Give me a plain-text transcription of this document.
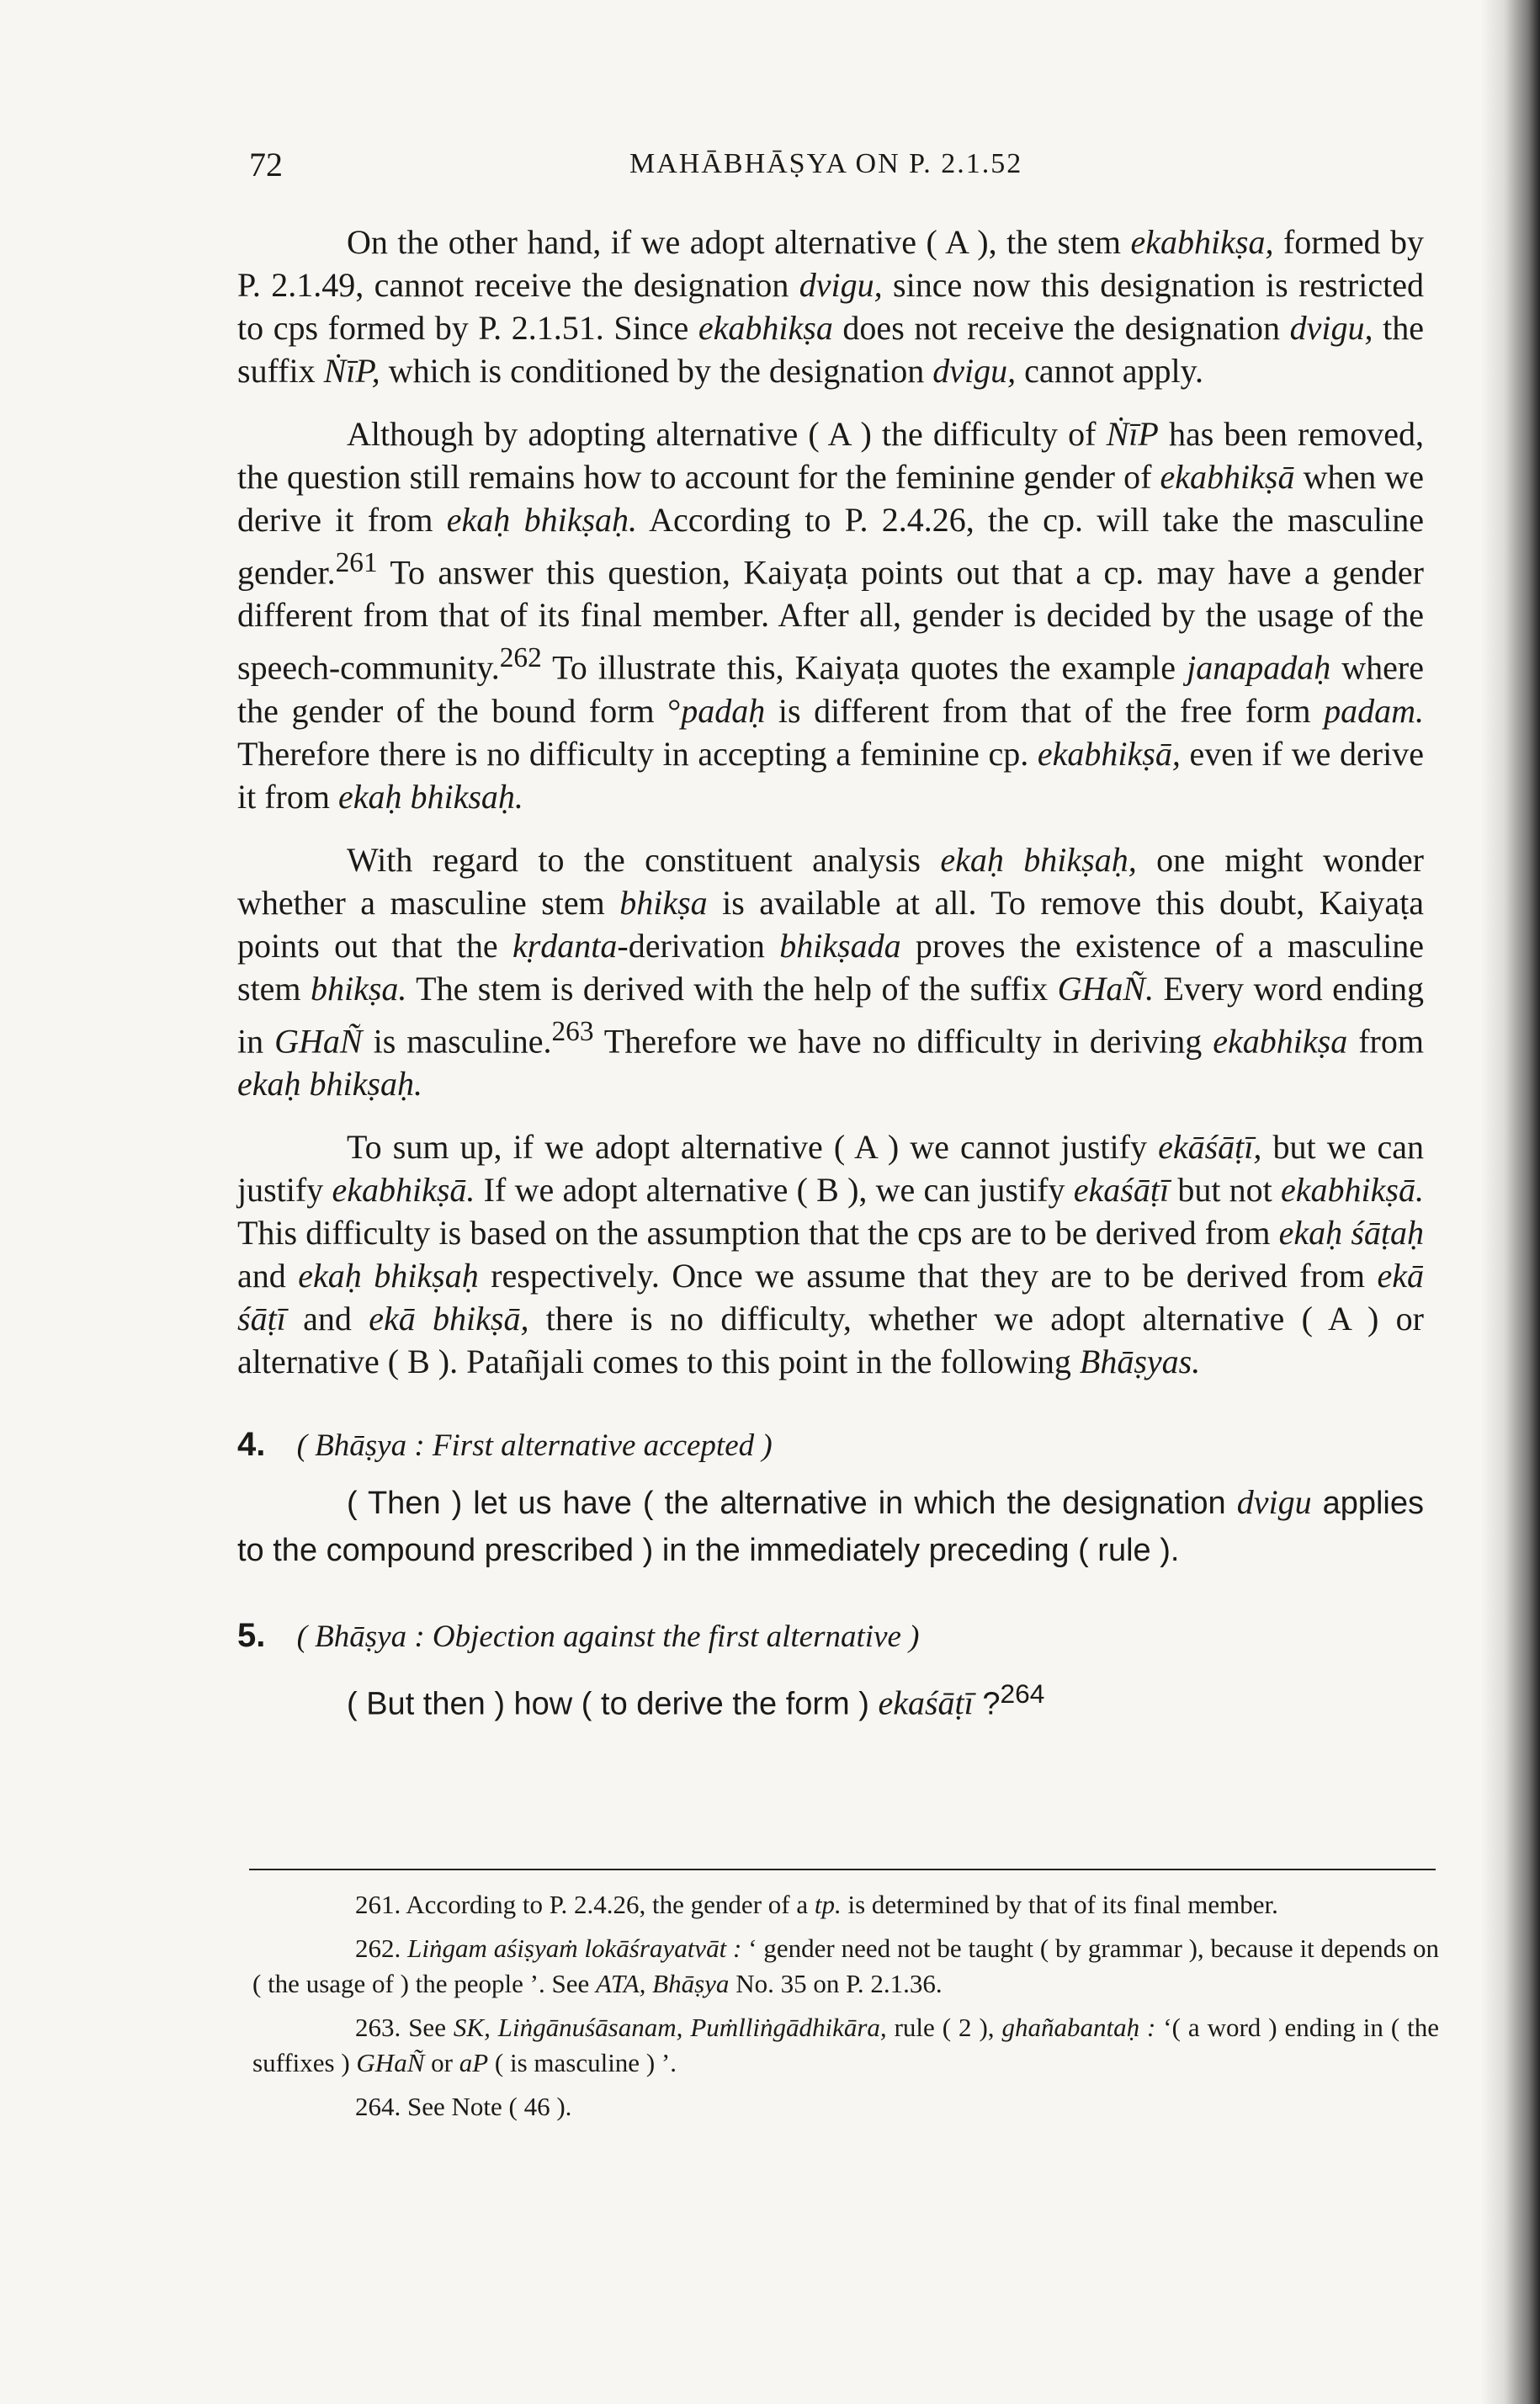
72	MAHĀBHĀṢYA ON P. 2.1.52

On the other hand, if we adopt alternative ( A ), the stem ekabhikṣa, formed by P. 2.1.49, cannot receive the designation dvigu, since now this designation is restricted to cps formed by P. 2.1.51. Since ekabhikṣa does not receive the designation dvigu, the suffix ṄīP, which is conditioned by the designation dvigu, cannot apply.

Although by adopting alternative ( A ) the difficulty of ṄīP has been removed, the question still remains how to account for the feminine gender of ekabhikṣā when we derive it from ekaḥ bhikṣaḥ. According to P. 2.4.26, the cp. will take the masculine gender.$^{261}$ To answer this question, Kaiyaṭa points out that a cp. may have a gender different from that of its final member. After all, gender is decided by the usage of the speech-community.$^{262}$ To illustrate this, Kaiyaṭa quotes the example janapadaḥ where the gender of the bound form °padaḥ is different from that of the free form padam. Therefore there is no difficulty in accepting a feminine cp. ekabhikṣā, even if we derive it from ekaḥ bhiksaḥ.

With regard to the constituent analysis ekaḥ bhikṣaḥ, one might wonder whether a masculine stem bhikṣa is available at all. To remove this doubt, Kaiyaṭa points out that the kṛdanta-derivation bhikṣada proves the existence of a masculine stem bhikṣa. The stem is derived with the help of the suffix GHaÑ. Every word ending in GHaÑ is masculine.$^{263}$ Therefore we have no difficulty in deriving ekabhikṣa from ekaḥ bhikṣaḥ.

To sum up, if we adopt alternative ( A ) we cannot justify ekāśāṭī, but we can justify ekabhikṣā. If we adopt alternative ( B ), we can justify ekaśāṭī but not ekabhikṣā. This difficulty is based on the assumption that the cps are to be derived from ekaḥ śāṭaḥ and ekaḥ bhikṣaḥ respectively. Once we assume that they are to be derived from ekā śāṭī and ekā bhikṣā, there is no difficulty, whether we adopt alternative ( A ) or alternative ( B ). Patañjali comes to this point in the following Bhāṣyas.

4. ( Bhāṣya : First alternative accepted )

( Then ) let us have ( the alternative in which the designation dvigu applies to the compound prescribed ) in the immediately preceding ( rule ).

5. ( Bhāṣya : Objection against the first alternative )

( But then ) how ( to derive the form ) ekaśāṭī ?$^{264}$

261. According to P. 2.4.26, the gender of a tp. is determined by that of its final member.

262. Liṅgam aśiṣyaṁ lokāśrayatvāt : ‘ gender need not be taught ( by grammar ), because it depends on ( the usage of ) the people ’. See ATA, Bhāṣya No. 35 on P. 2.1.36.

263. See SK, Liṅgānuśāsanam, Puṁlliṅgādhikāra, rule ( 2 ), ghañabantaḥ : ‘( a word ) ending in ( the suffixes ) GHaÑ or aP ( is masculine ) ’.

264. See Note ( 46 ).
